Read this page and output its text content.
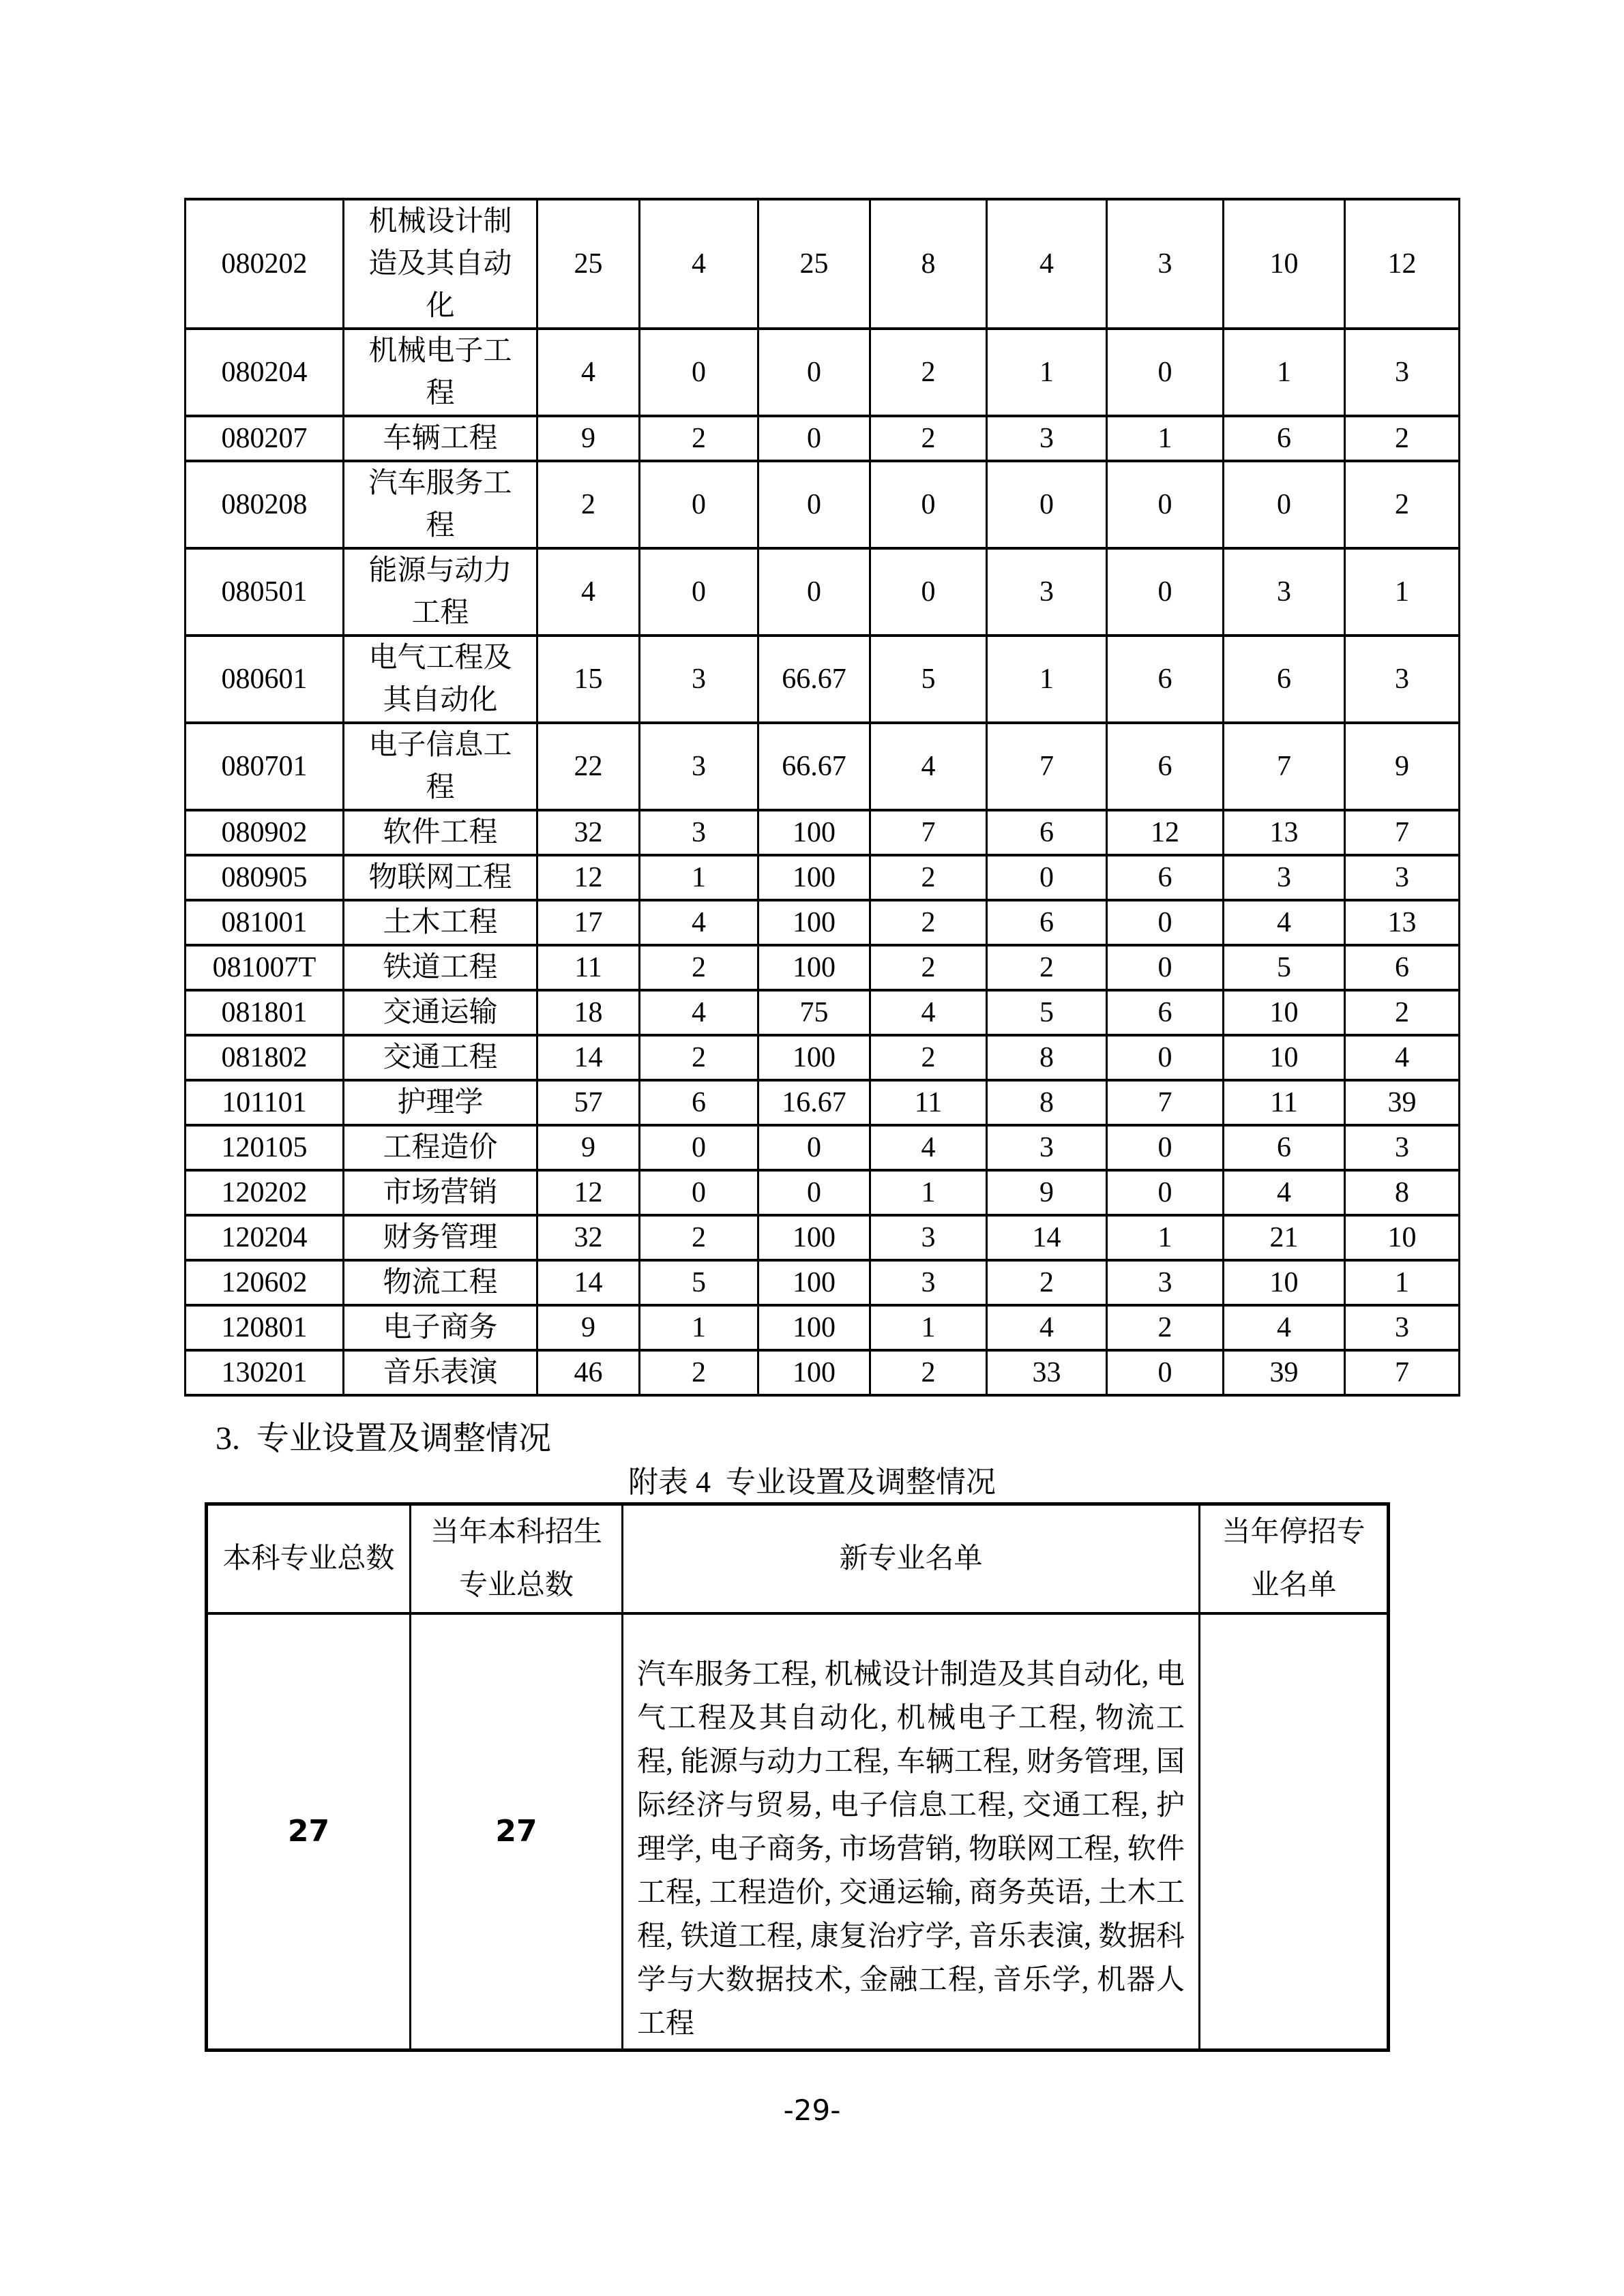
080202	机械设计制造及其自动化	25	4	25	8	4	3	10	12
080204	机械电子工程	4	0	0	2	1	0	1	3
080207	车辆工程	9	2	0	2	3	1	6	2
080208	汽车服务工程	2	0	0	0	0	0	0	2
080501	能源与动力工程	4	0	0	0	3	0	3	1
080601	电气工程及其自动化	15	3	66.67	5	1	6	6	3
080701	电子信息工程	22	3	66.67	4	7	6	7	9
080902	软件工程	32	3	100	7	6	12	13	7
080905	物联网工程	12	1	100	2	0	6	3	3
081001	土木工程	17	4	100	2	6	0	4	13
081007T	铁道工程	11	2	100	2	2	0	5	6
081801	交通运输	18	4	75	4	5	6	10	2
081802	交通工程	14	2	100	2	8	0	10	4
101101	护理学	57	6	16.67	11	8	7	11	39
120105	工程造价	9	0	0	4	3	0	6	3
120202	市场营销	12	0	0	1	9	0	4	8
120204	财务管理	32	2	100	3	14	1	21	10
120602	物流工程	14	5	100	3	2	3	10	1
120801	电子商务	9	1	100	1	4	2	4	3
130201	音乐表演	46	2	100	2	33	0	39	7
3.  专业设置及调整情况
附表 4  专业设置及调整情况
本科专业总数	当年本科招生专业总数	新专业名单	当年停招专业名单
27	27	汽车服务工程, 机械设计制造及其自动化, 电气工程及其自动化, 机械电子工程, 物流工程, 能源与动力工程, 车辆工程, 财务管理, 国际经济与贸易, 电子信息工程, 交通工程, 护理学, 电子商务, 市场营销, 物联网工程, 软件工程, 工程造价, 交通运输, 商务英语, 土木工程, 铁道工程, 康复治疗学, 音乐表演, 数据科学与大数据技术, 金融工程, 音乐学, 机器人工程	
-29-
